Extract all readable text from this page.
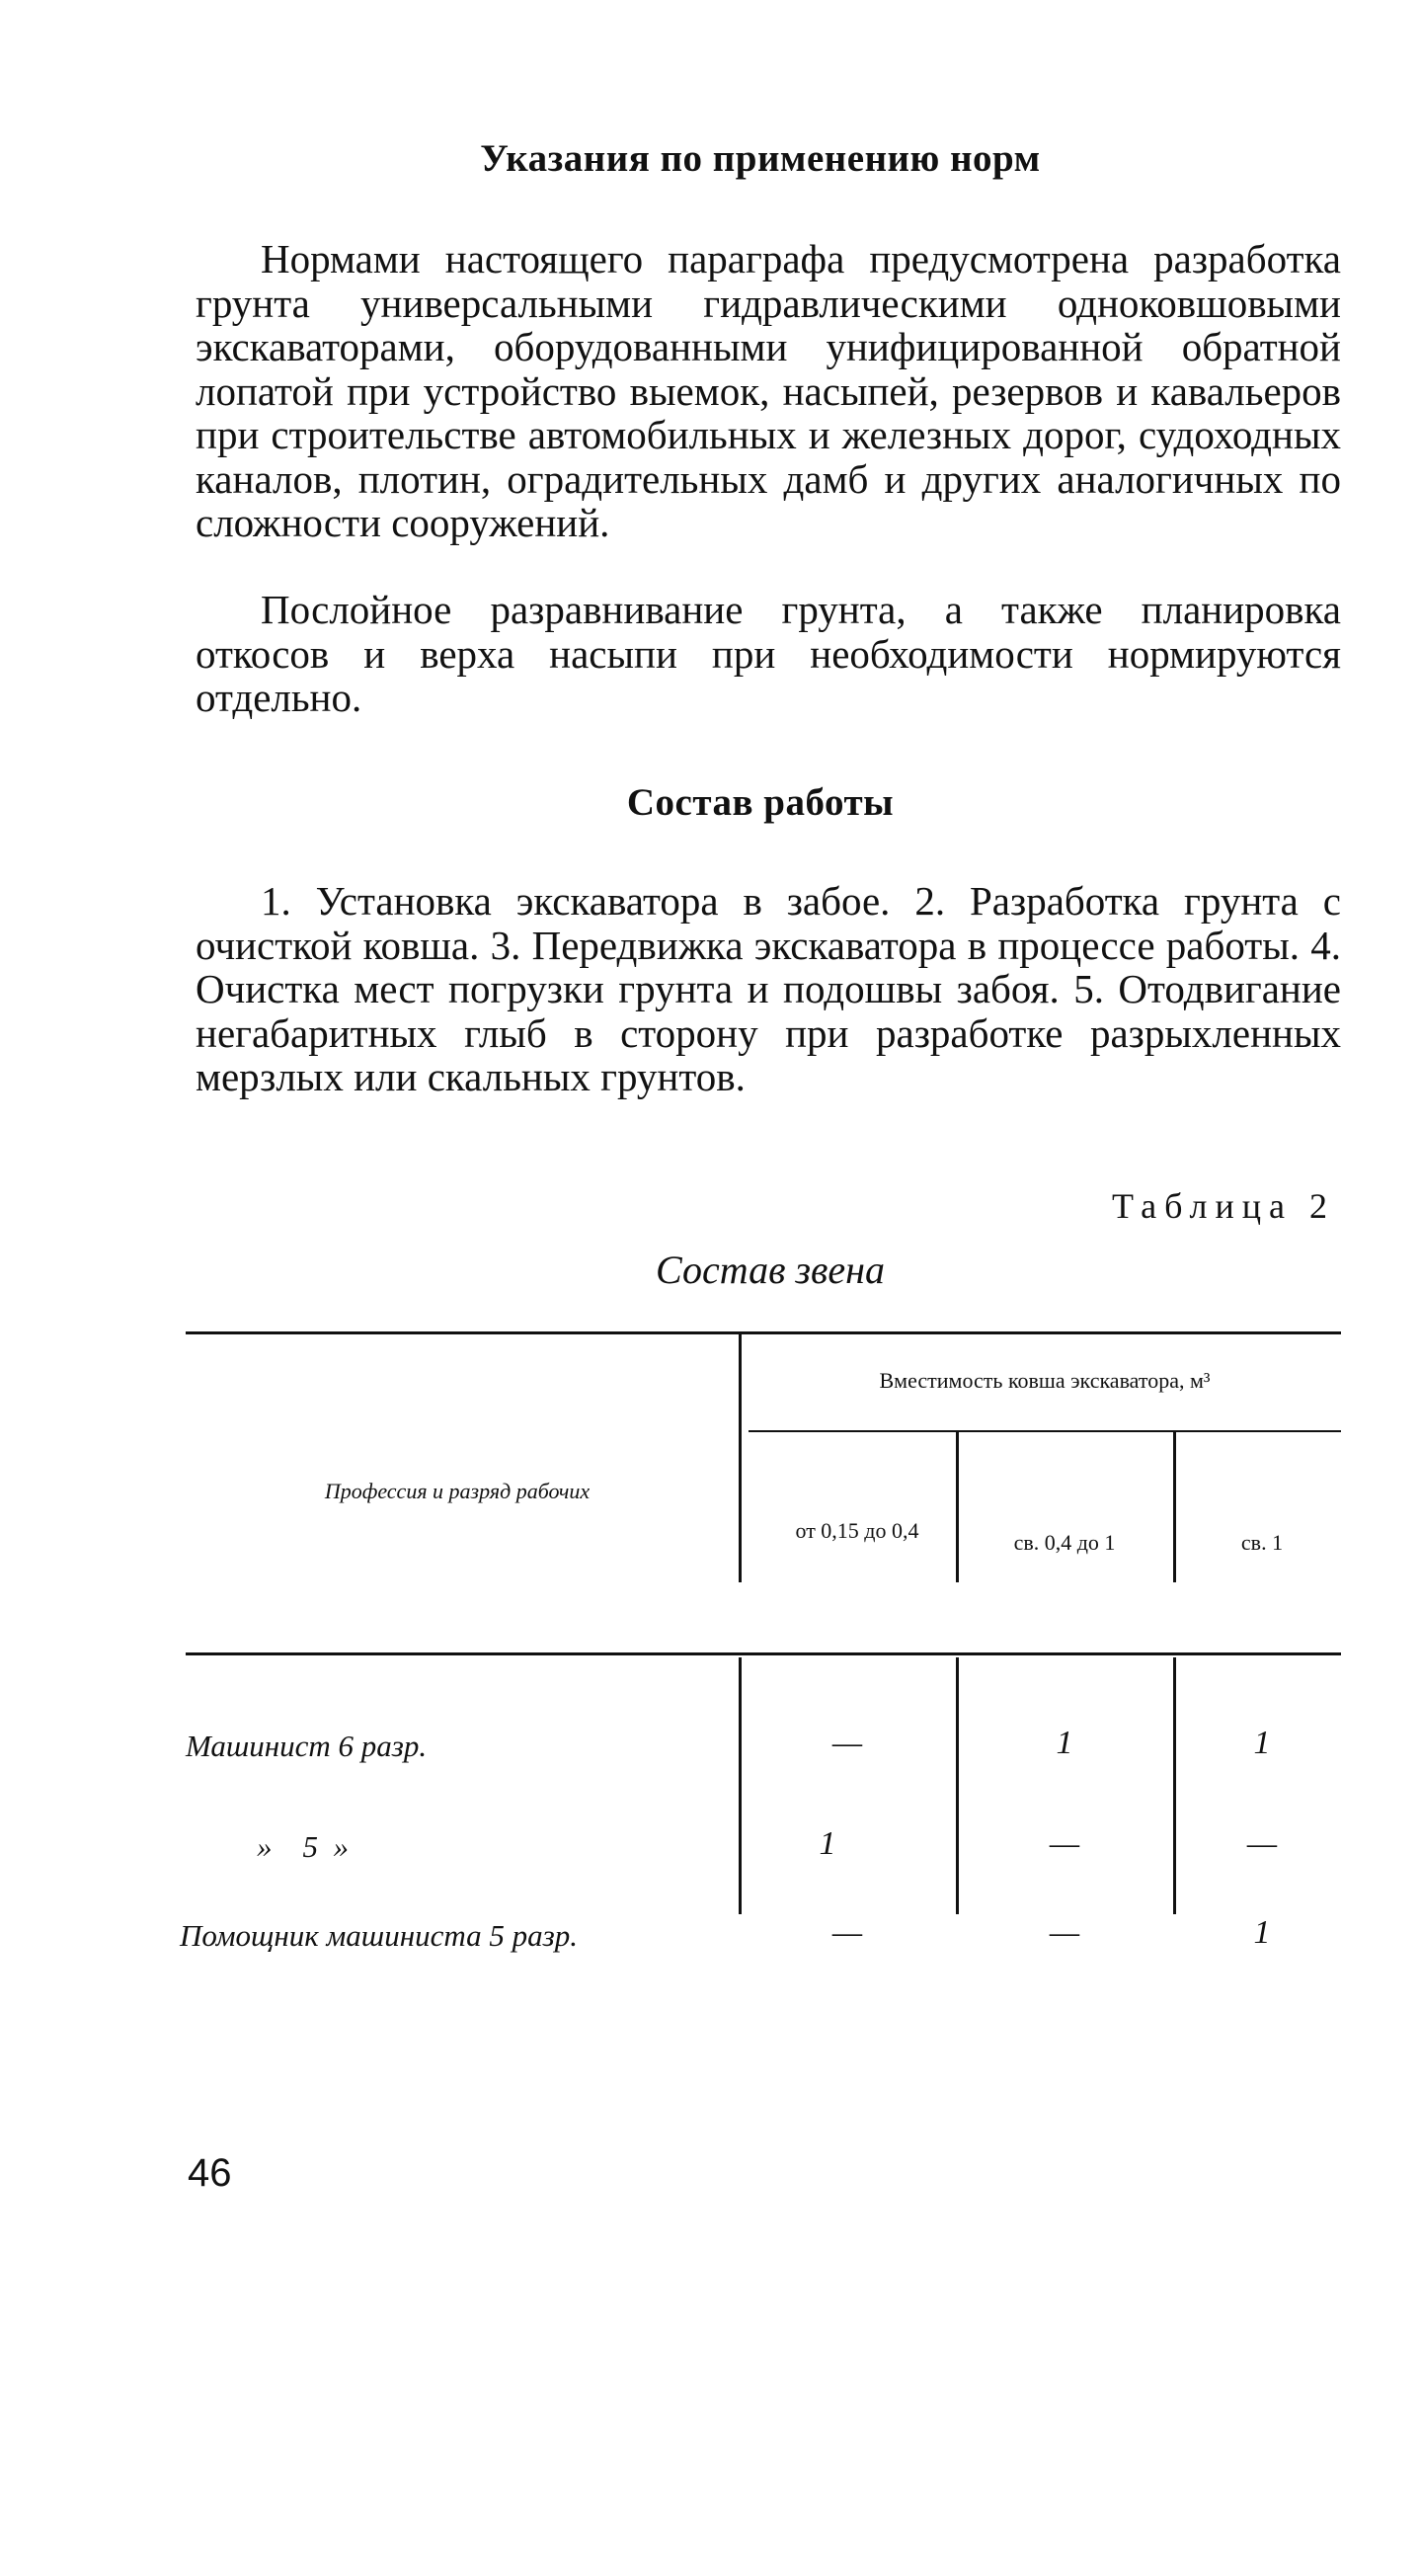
Указания по применению норм

Нормами настоящего параграфа предусмотрена разработка грунта универсальными гидравлическими одноковшовыми экскаваторами, оборудованными унифицированной обратной лопатой при устройство выемок, насыпей, резервов и кавальеров при строительстве автомобильных и железных дорог, судоходных каналов, плотин, оградительных дамб и других аналогичных по сложности сооружений.

Послойное разравнивание грунта, а также планировка откосов и верха насыпи при необходимости нормируются отдельно.

Состав работы

1. Установка экскаватора в забое. 2. Разработка грунта с очисткой ковша. 3. Передвижка экскаватора в процессе работы. 4. Очистка мест погрузки грунта и подошвы забоя. 5. Отодвигание негабаритных глыб в сторону при разработке разрыхленных мерзлых или скальных грунтов.

Таблица 2
Состав звена
Профессия и разряд рабочих
Вместимость ковша экскаватора, м³
от 0,15 до 0,4	св. 0,4 до 1	св. 1
Машинист 6 разр.	—	1	1
»    5  »	1	—	—
Помощник машиниста 5 разр.	—	—	1
46
